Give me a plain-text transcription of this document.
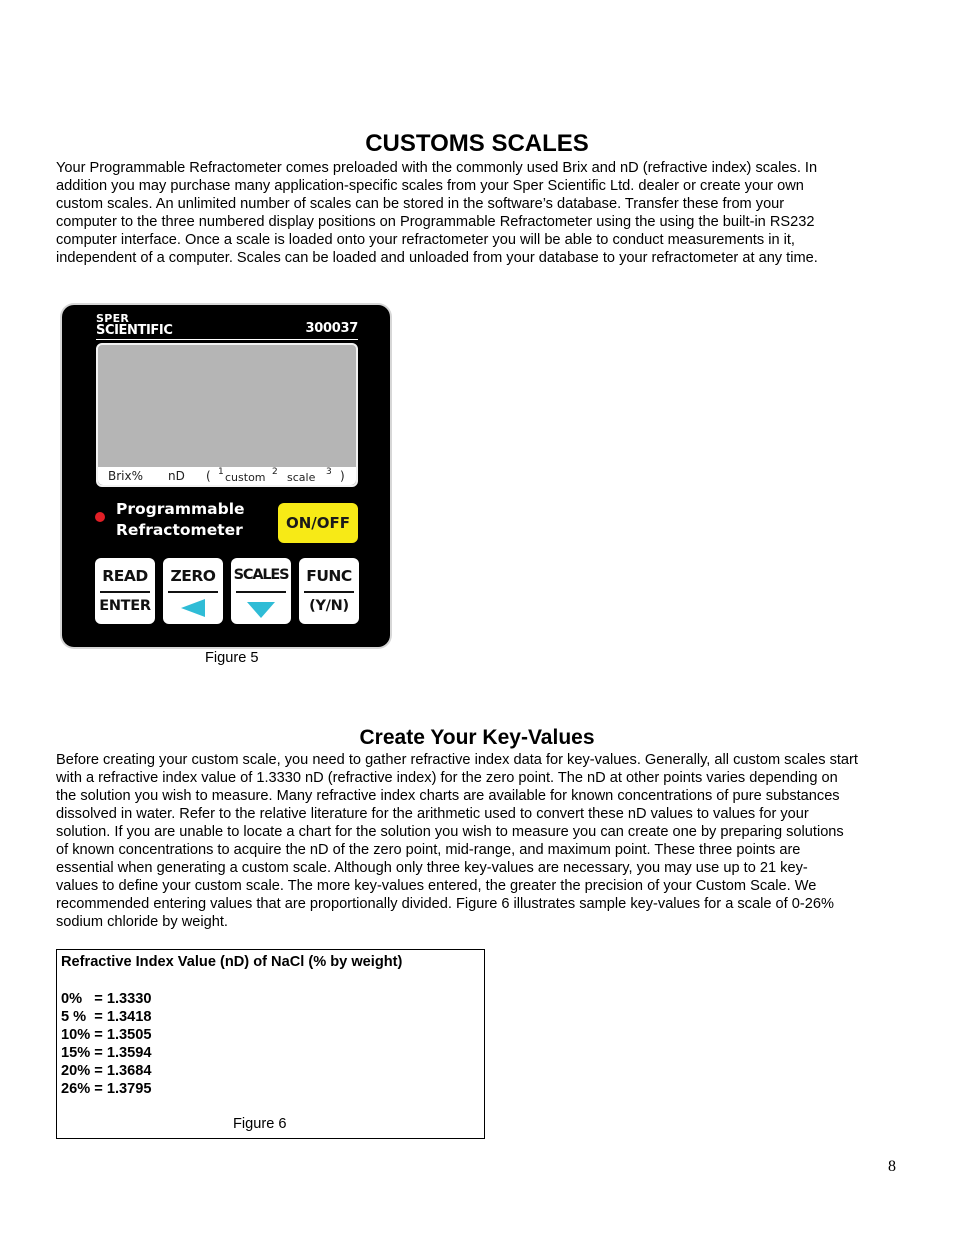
CUSTOMS SCALES
Your Programmable Refractometer comes preloaded with the commonly used Brix and nD (refractive index) scales. In
addition you may purchase many application-specific scales from your Sper Scientific Ltd. dealer or create your own
custom scales. An unlimited number of scales can be stored in the software’s database. Transfer these from your
computer to the three numbered display positions on Programmable Refractometer using the using the built-in RS232
computer interface. Once a scale is loaded onto your refractometer you will be able to conduct measurements in it,
independent of a computer. Scales can be loaded and unloaded from your database to your refractometer at any time.
SPER
SCIENTIFIC	300037
Brix% nD ( 1 custom 2 scale 3 )
Programmable
Refractometer	ON/OFF
READ
ENTER
ZERO	SCALES	FUNC
(Y/N)
Figure 5
Create Your Key-Values
Before creating your custom scale, you need to gather refractive index data for key-values. Generally, all custom scales start
with a refractive index value of 1.3330 nD (refractive index) for the zero point. The nD at other points varies depending on
the solution you wish to measure. Many refractive index charts are available for known concentrations of pure substances
dissolved in water. Refer to the relative literature for the arithmetic used to convert these nD values to values for your
solution. If you are unable to locate a chart for the solution you wish to measure you can create one by preparing solutions
of known concentrations to acquire the nD of the zero point, mid-range, and maximum point. These three points are
essential when generating a custom scale. Although only three key-values are necessary, you may use up to 21 key-
values to define your custom scale. The more key-values entered, the greater the precision of your Custom Scale. We
recommended entering values that are proportionally divided. Figure 6 illustrates sample key-values for a scale of 0-26%
sodium chloride by weight.
Refractive Index Value (nD) of NaCl (% by weight)
0%   = 1.3330
5 %  = 1.3418
10% = 1.3505
15% = 1.3594
20% = 1.3684
26% = 1.3795
Figure 6
8
